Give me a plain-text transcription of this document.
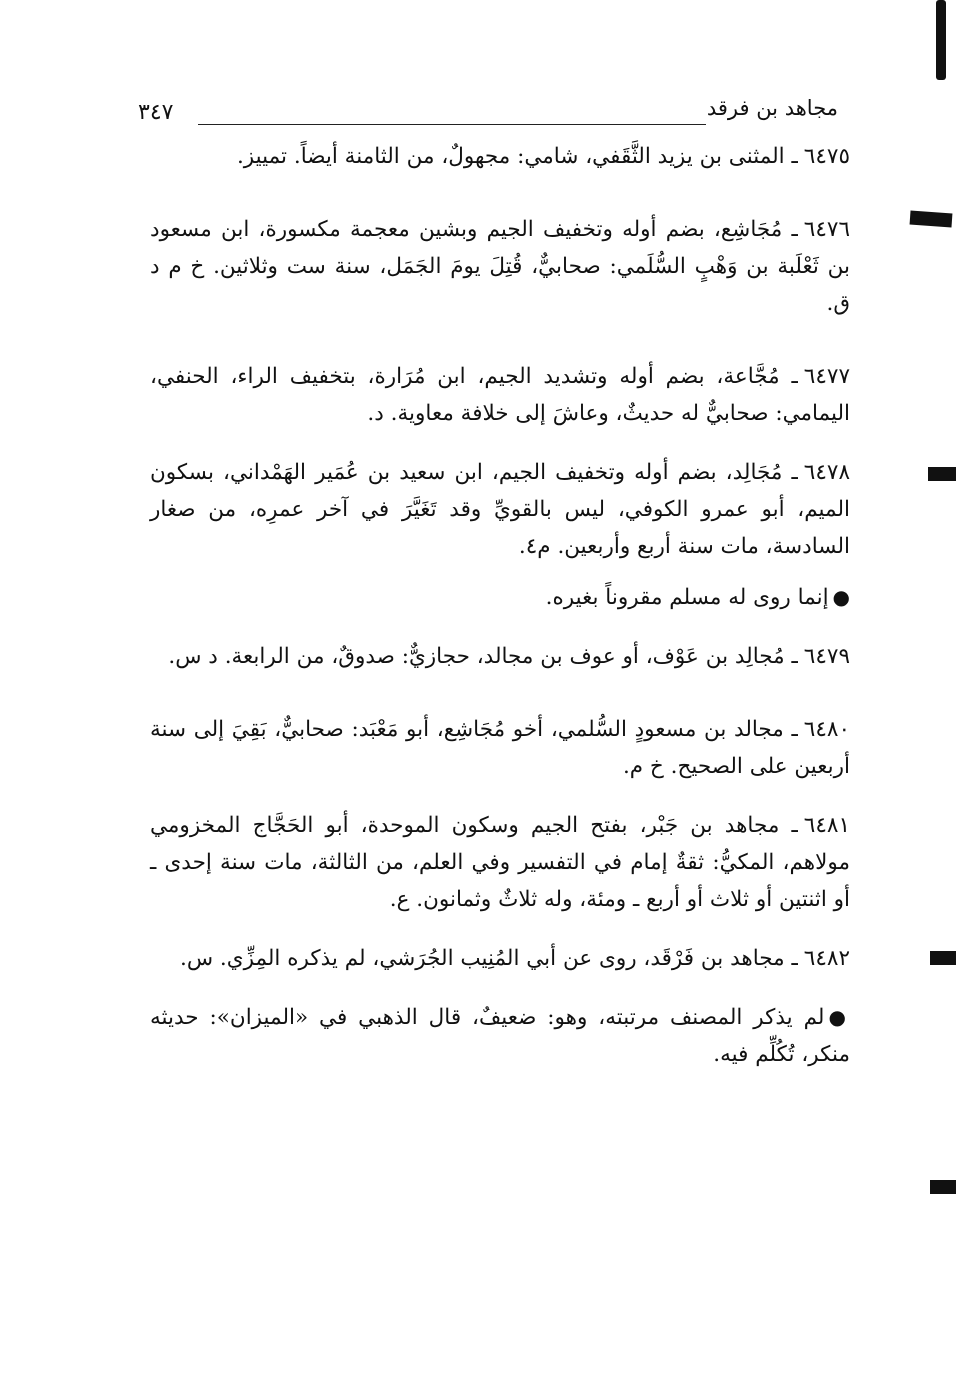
مجاهد بن فرقد
٣٤٧

٦٤٧٥ـ المثنى بن يزيد الثَّقَفي، شامي: مجهولٌ، من الثامنة أيضاً. تمييز.

٦٤٧٦ـ مُجَاشِع، بضم أوله وتخفيف الجيم وبشين معجمة مكسورة، ابن مسعود بن ثَعْلَبة بن وَهْبٍ السُّلَمي: صحابيٌّ، قُتِلَ يومَ الجَمَل، سنة ست وثلاثين. خ م د ق.

٦٤٧٧ـ مُجَّاعة، بضم أوله وتشديد الجيم، ابن مُرَارة، بتخفيف الراء، الحنفي، اليمامي: صحابيٌّ له حديثٌ، وعاشَ إلى خلافة معاوية. د.

٦٤٧٨ـ مُجَالِد، بضم أوله وتخفيف الجيم، ابن سعيد بن عُمَير الهَمْداني، بسكون الميم، أبو عمرو الكوفي، ليس بالقويِّ وقد تَغَيَّرَ في آخر عمرِه، من صغار السادسة، مات سنة أربع وأربعين. م٤.

●إنما روى له مسلم مقروناً بغيره.

٦٤٧٩ـ مُجالِد بن عَوْف، أو عوف بن مجالد، حجازيٌّ: صدوقٌ، من الرابعة. د س.

٦٤٨٠ـ مجالد بن مسعودٍ السُّلمي، أخو مُجَاشِع، أبو مَعْبَد: صحابيٌّ، بَقِيَ إلى سنة أربعين على الصحيح. خ م.

٦٤٨١ـ مجاهد بن جَبْر، بفتح الجيم وسكون الموحدة، أبو الحَجَّاج المخزومي مولاهم، المكيُّ: ثقةٌ إمام في التفسير وفي العلم، من الثالثة، مات سنة إحدى ـ أو اثنتين أو ثلاث أو أربع ـ ومئة، وله ثلاثٌ وثمانون. ع.

٦٤٨٢ـ مجاهد بن فَرْقَد، روى عن أبي المُنِيب الجُرَشي، لم يذكره المِزِّي. س.

●لم يذكر المصنف مرتبته، وهو: ضعيفٌ، قال الذهبي في «الميزان»: حديثه منكر، تُكُلِّم فيه.
